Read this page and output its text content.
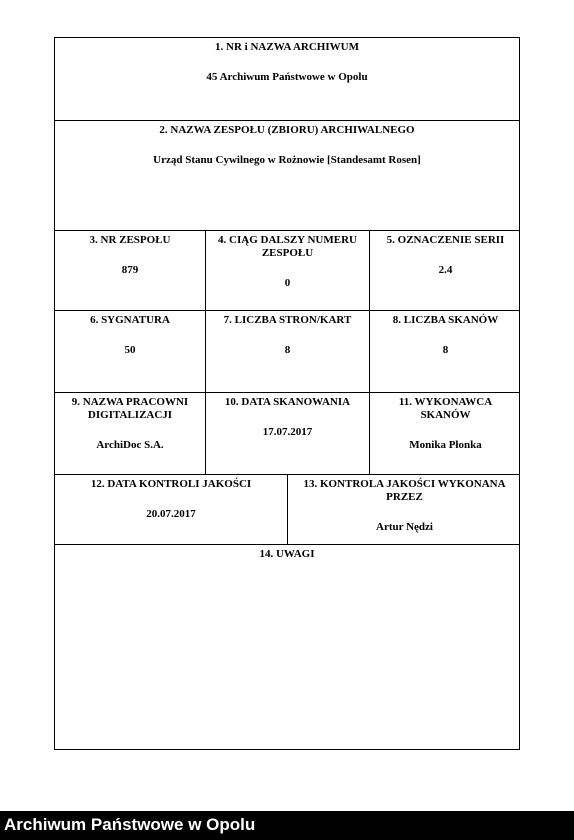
1. NR i NAZWA ARCHIWUM
45 Archiwum Państwowe w Opolu
2. NAZWA ZESPOŁU (ZBIORU) ARCHIWALNEGO
Urząd Stanu Cywilnego w Rożnowie [Standesamt Rosen]
3. NR ZESPOŁU
879
4. CIĄG DALSZY NUMERU ZESPOŁU
0
5. OZNACZENIE SERII
2.4
6. SYGNATURA
50
7. LICZBA STRON/KART
8
8. LICZBA SKANÓW
8
9. NAZWA PRACOWNI DIGITALIZACJI
ArchiDoc S.A.
10. DATA SKANOWANIA
17.07.2017
11. WYKONAWCA SKANÓW
Monika Płonka
12. DATA KONTROLI JAKOŚCI
20.07.2017
13. KONTROLA JAKOŚCI WYKONANA PRZEZ
Artur Nędzi
14. UWAGI
Archiwum Państwowe w Opolu
